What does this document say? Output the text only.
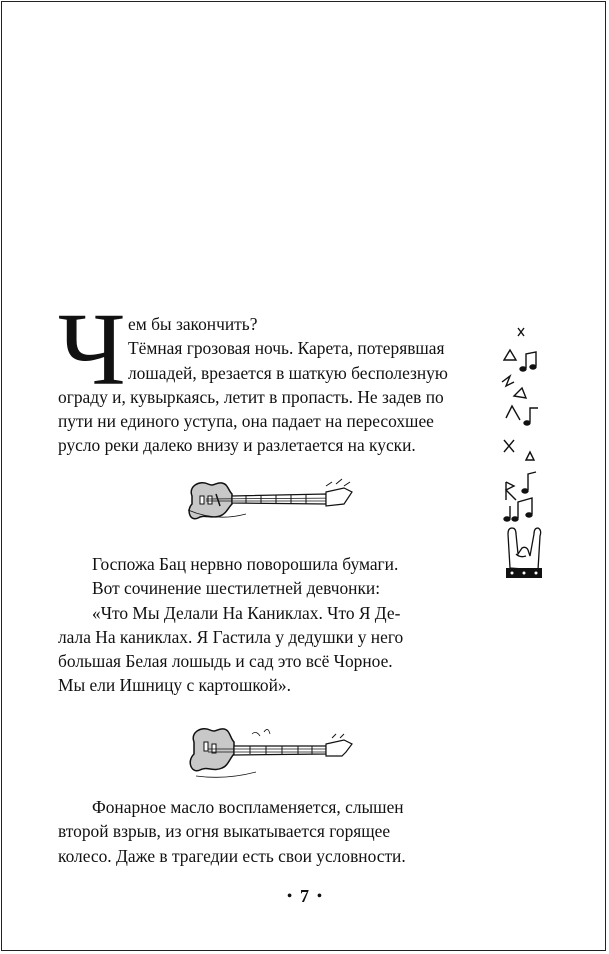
Ч ем бы закончить?

Тёмная грозовая ночь. Карета, потерявшая

лошадей, врезается в шаткую бесполезную

ограду и, кувыркаясь, летит в пропасть. Не задев по

пути ни единого уступа, она падает на пересохшее

русло реки далеко внизу и разлетается на куски.

Госпожа Бац нервно поворошила бумаги.

Вот сочинение шестилетней девчонки:

«Что Мы Делали На Каниклах. Что Я Де-

лала На каниклах. Я Гастила у дедушки у него

большая Белая лошыдь и сад это всё Чорное.

Мы ели Ишницу с картошкой».

Фонарное масло воспламеняется, слышен

второй взрыв, из огня выкатывается горящее

колесо. Даже в трагедии есть свои условности.

• 7 •
